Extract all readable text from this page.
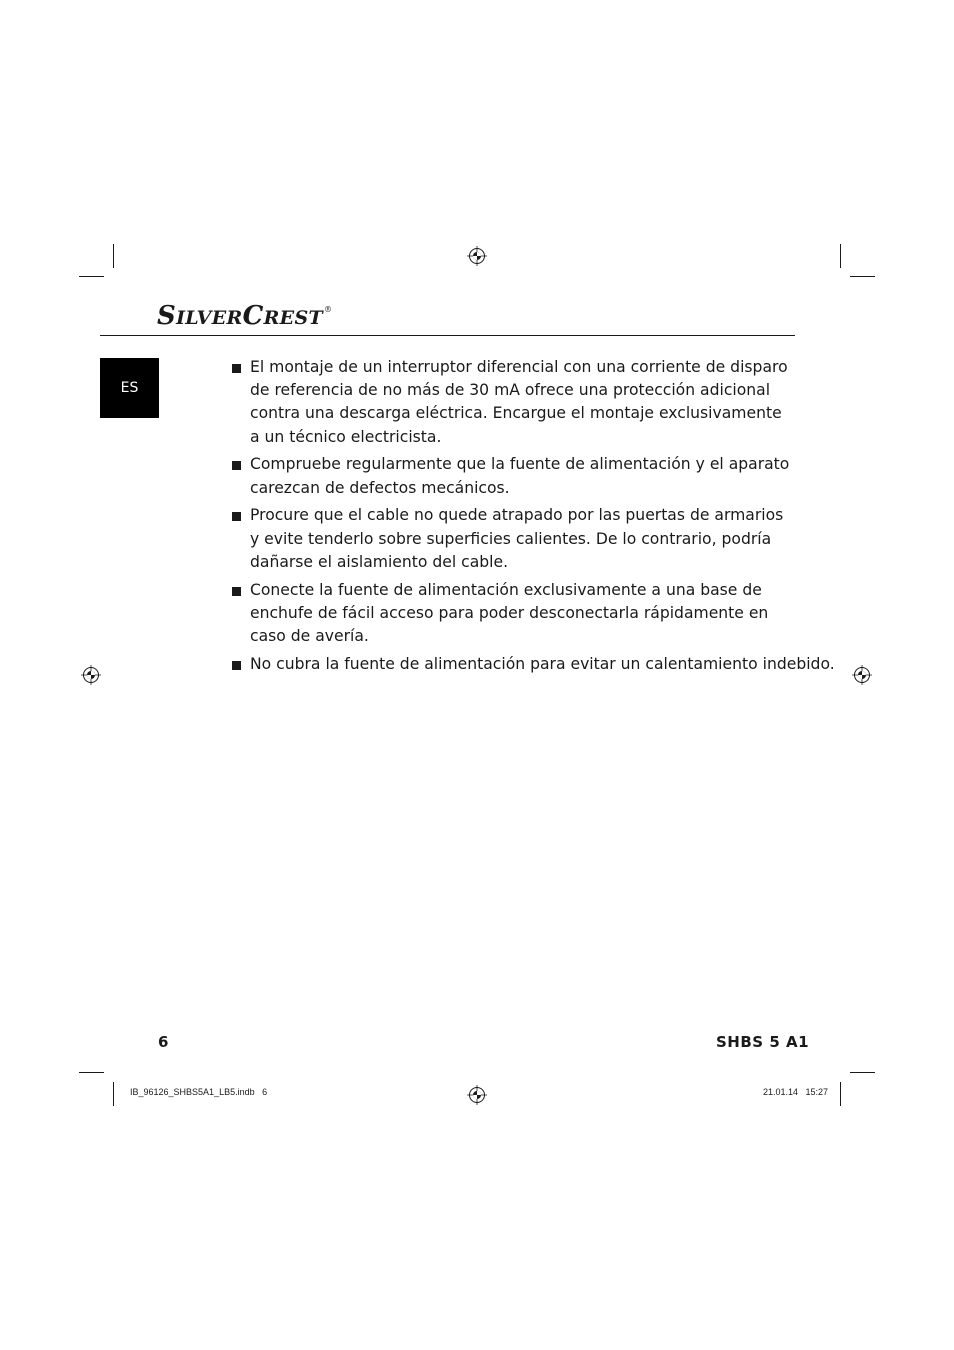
SILVERCREST®
ES
El montaje de un interruptor diferencial con una corriente de disparo
de referencia de no más de 30 mA ofrece una protección adicional
contra una descarga eléctrica. Encargue el montaje exclusivamente
a un técnico electricista.
Compruebe regularmente que la fuente de alimentación y el aparato
carezcan de defectos mecánicos.
Procure que el cable no quede atrapado por las puertas de armarios
y evite tenderlo sobre superficies calientes. De lo contrario, podría
dañarse el aislamiento del cable.
Conecte la fuente de alimentación exclusivamente a una base de
enchufe de fácil acceso para poder desconectarla rápidamente en
caso de avería.
No cubra la fuente de alimentación para evitar un calentamiento indebido.
6	SHBS 5 A1
IB_96126_SHBS5A1_LB5.indb   6	21.01.14   15:27
